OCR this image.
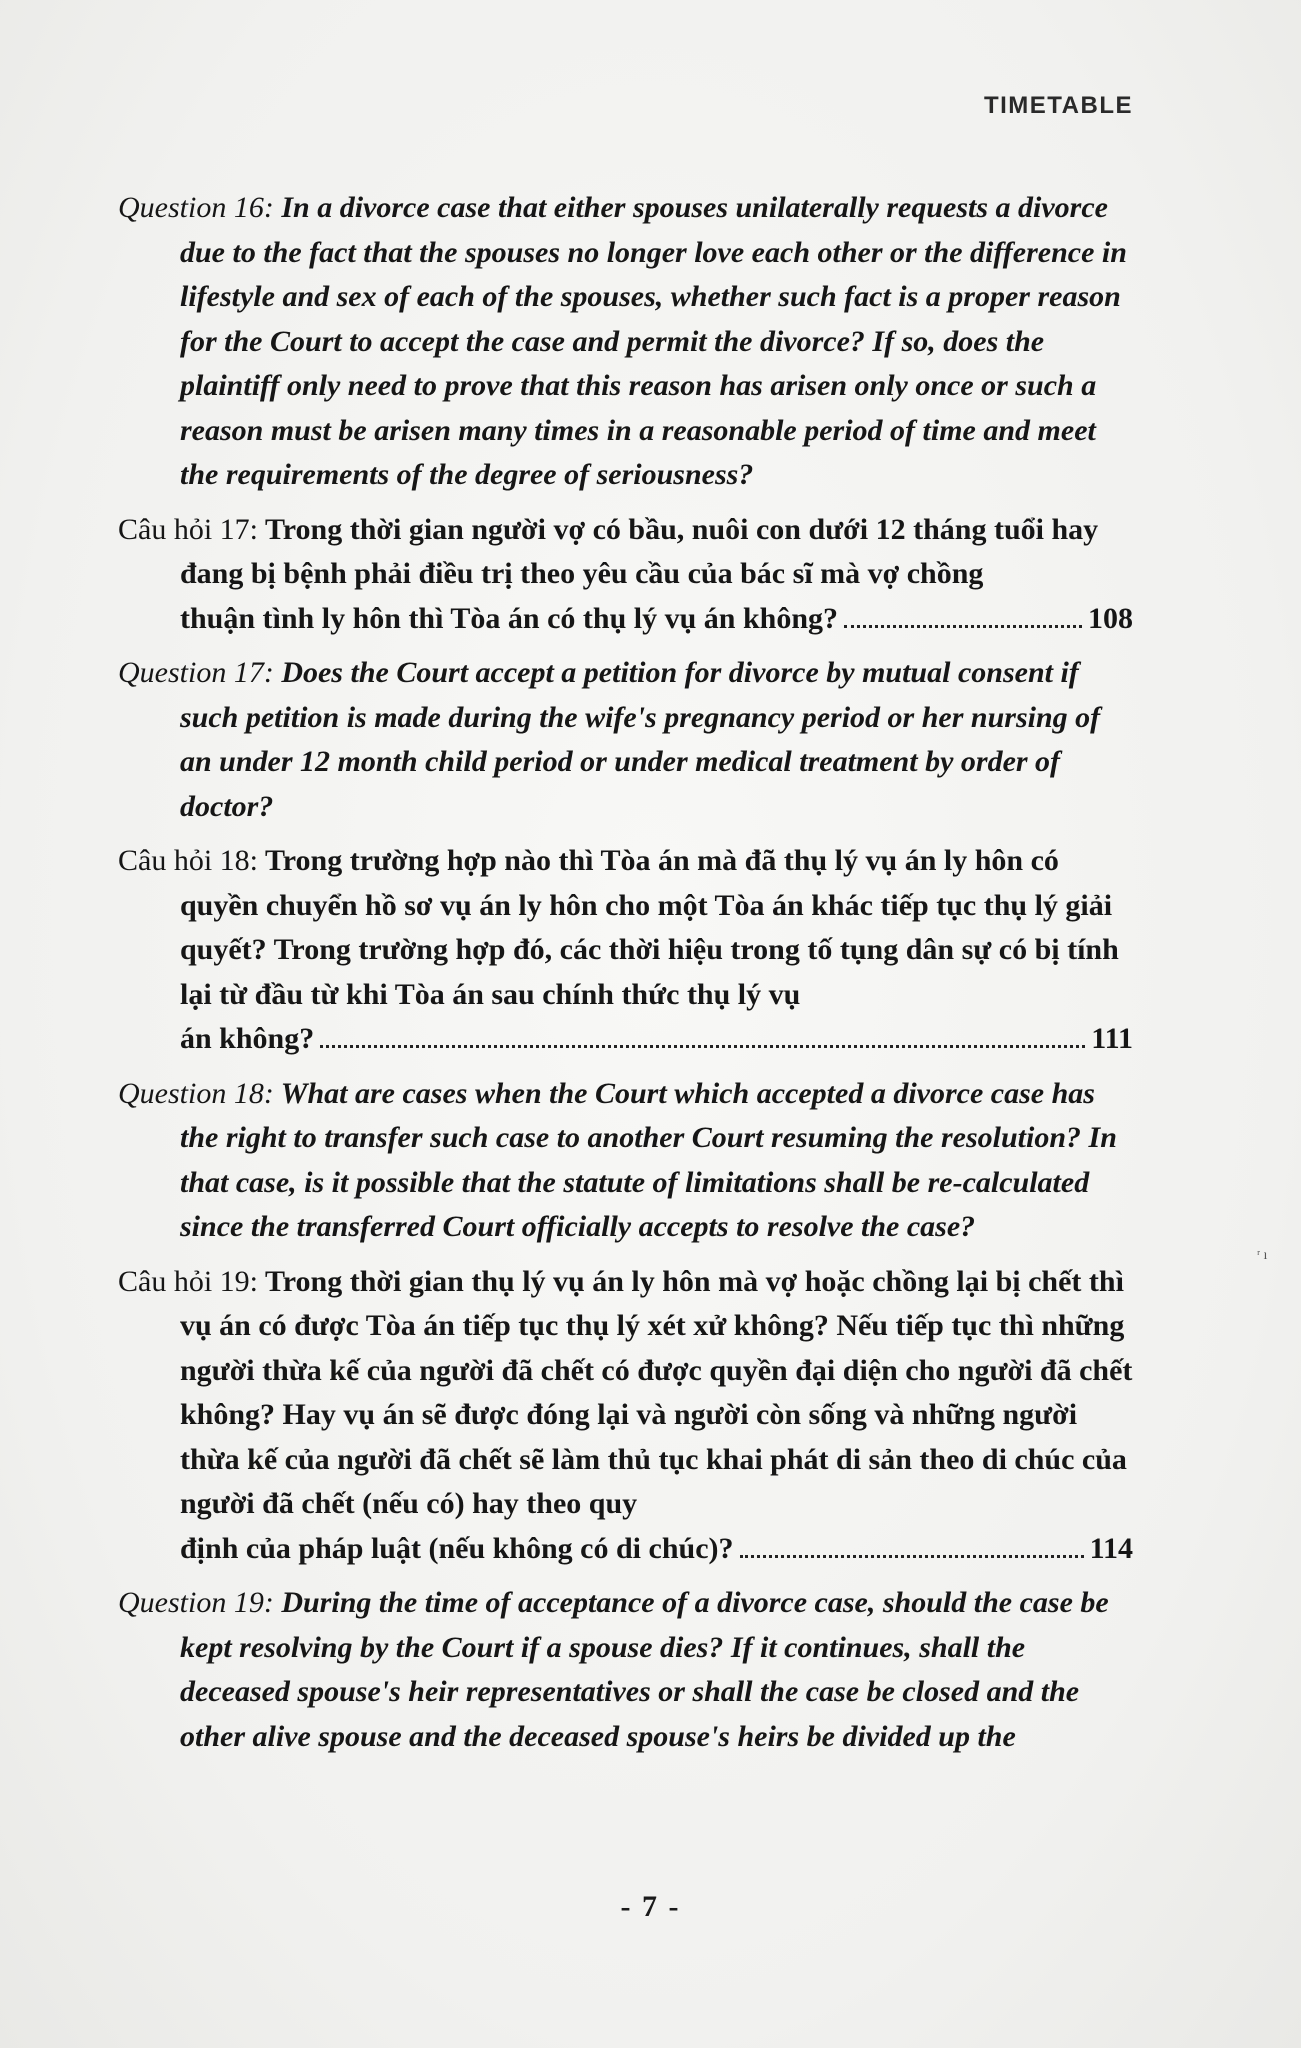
TIMETABLE

Question 16: In a divorce case that either spouses unilaterally requests a divorce due to the fact that the spouses no longer love each other or the difference in lifestyle and sex of each of the spouses, whether such fact is a proper reason for the Court to accept the case and permit the divorce? If so, does the plaintiff only need to prove that this reason has arisen only once or such a reason must be arisen many times in a reasonable period of time and meet the requirements of the degree of seriousness?

Câu hỏi 17: Trong thời gian người vợ có bầu, nuôi con dưới 12 tháng tuổi hay đang bị bệnh phải điều trị theo yêu cầu của bác sĩ mà vợ chồng
thuận tình ly hôn thì Tòa án có thụ lý vụ án không?	108

Question 17: Does the Court accept a petition for divorce by mutual consent if such petition is made during the wife's pregnancy period or her nursing of an under 12 month child period or under medical treatment by order of doctor?

Câu hỏi 18: Trong trường hợp nào thì Tòa án mà đã thụ lý vụ án ly hôn có quyền chuyển hồ sơ vụ án ly hôn cho một Tòa án khác tiếp tục thụ lý giải quyết? Trong trường hợp đó, các thời hiệu trong tố tụng dân sự có bị tính lại từ đầu từ khi Tòa án sau chính thức thụ lý vụ
án không?	111

Question 18: What are cases when the Court which accepted a divorce case has the right to transfer such case to another Court resuming the resolution? In that case, is it possible that the statute of limitations shall be re-calculated since the transferred Court officially accepts to resolve the case?

Câu hỏi 19: Trong thời gian thụ lý vụ án ly hôn mà vợ hoặc chồng lại bị chết thì vụ án có được Tòa án tiếp tục thụ lý xét xử không? Nếu tiếp tục thì những người thừa kế của người đã chết có được quyền đại diện cho người đã chết không? Hay vụ án sẽ được đóng lại và người còn sống và những người thừa kế của người đã chết sẽ làm thủ tục khai phát di sản theo di chúc của người đã chết (nếu có) hay theo quy
định của pháp luật (nếu không có di chúc)?	114

Question 19: During the time of acceptance of a divorce case, should the case be kept resolving by the Court if a spouse dies? If it continues, shall the deceased spouse's heir representatives or shall the case be closed and the other alive spouse and the deceased spouse's heirs be divided up the

ʳ ı
- 7 -
